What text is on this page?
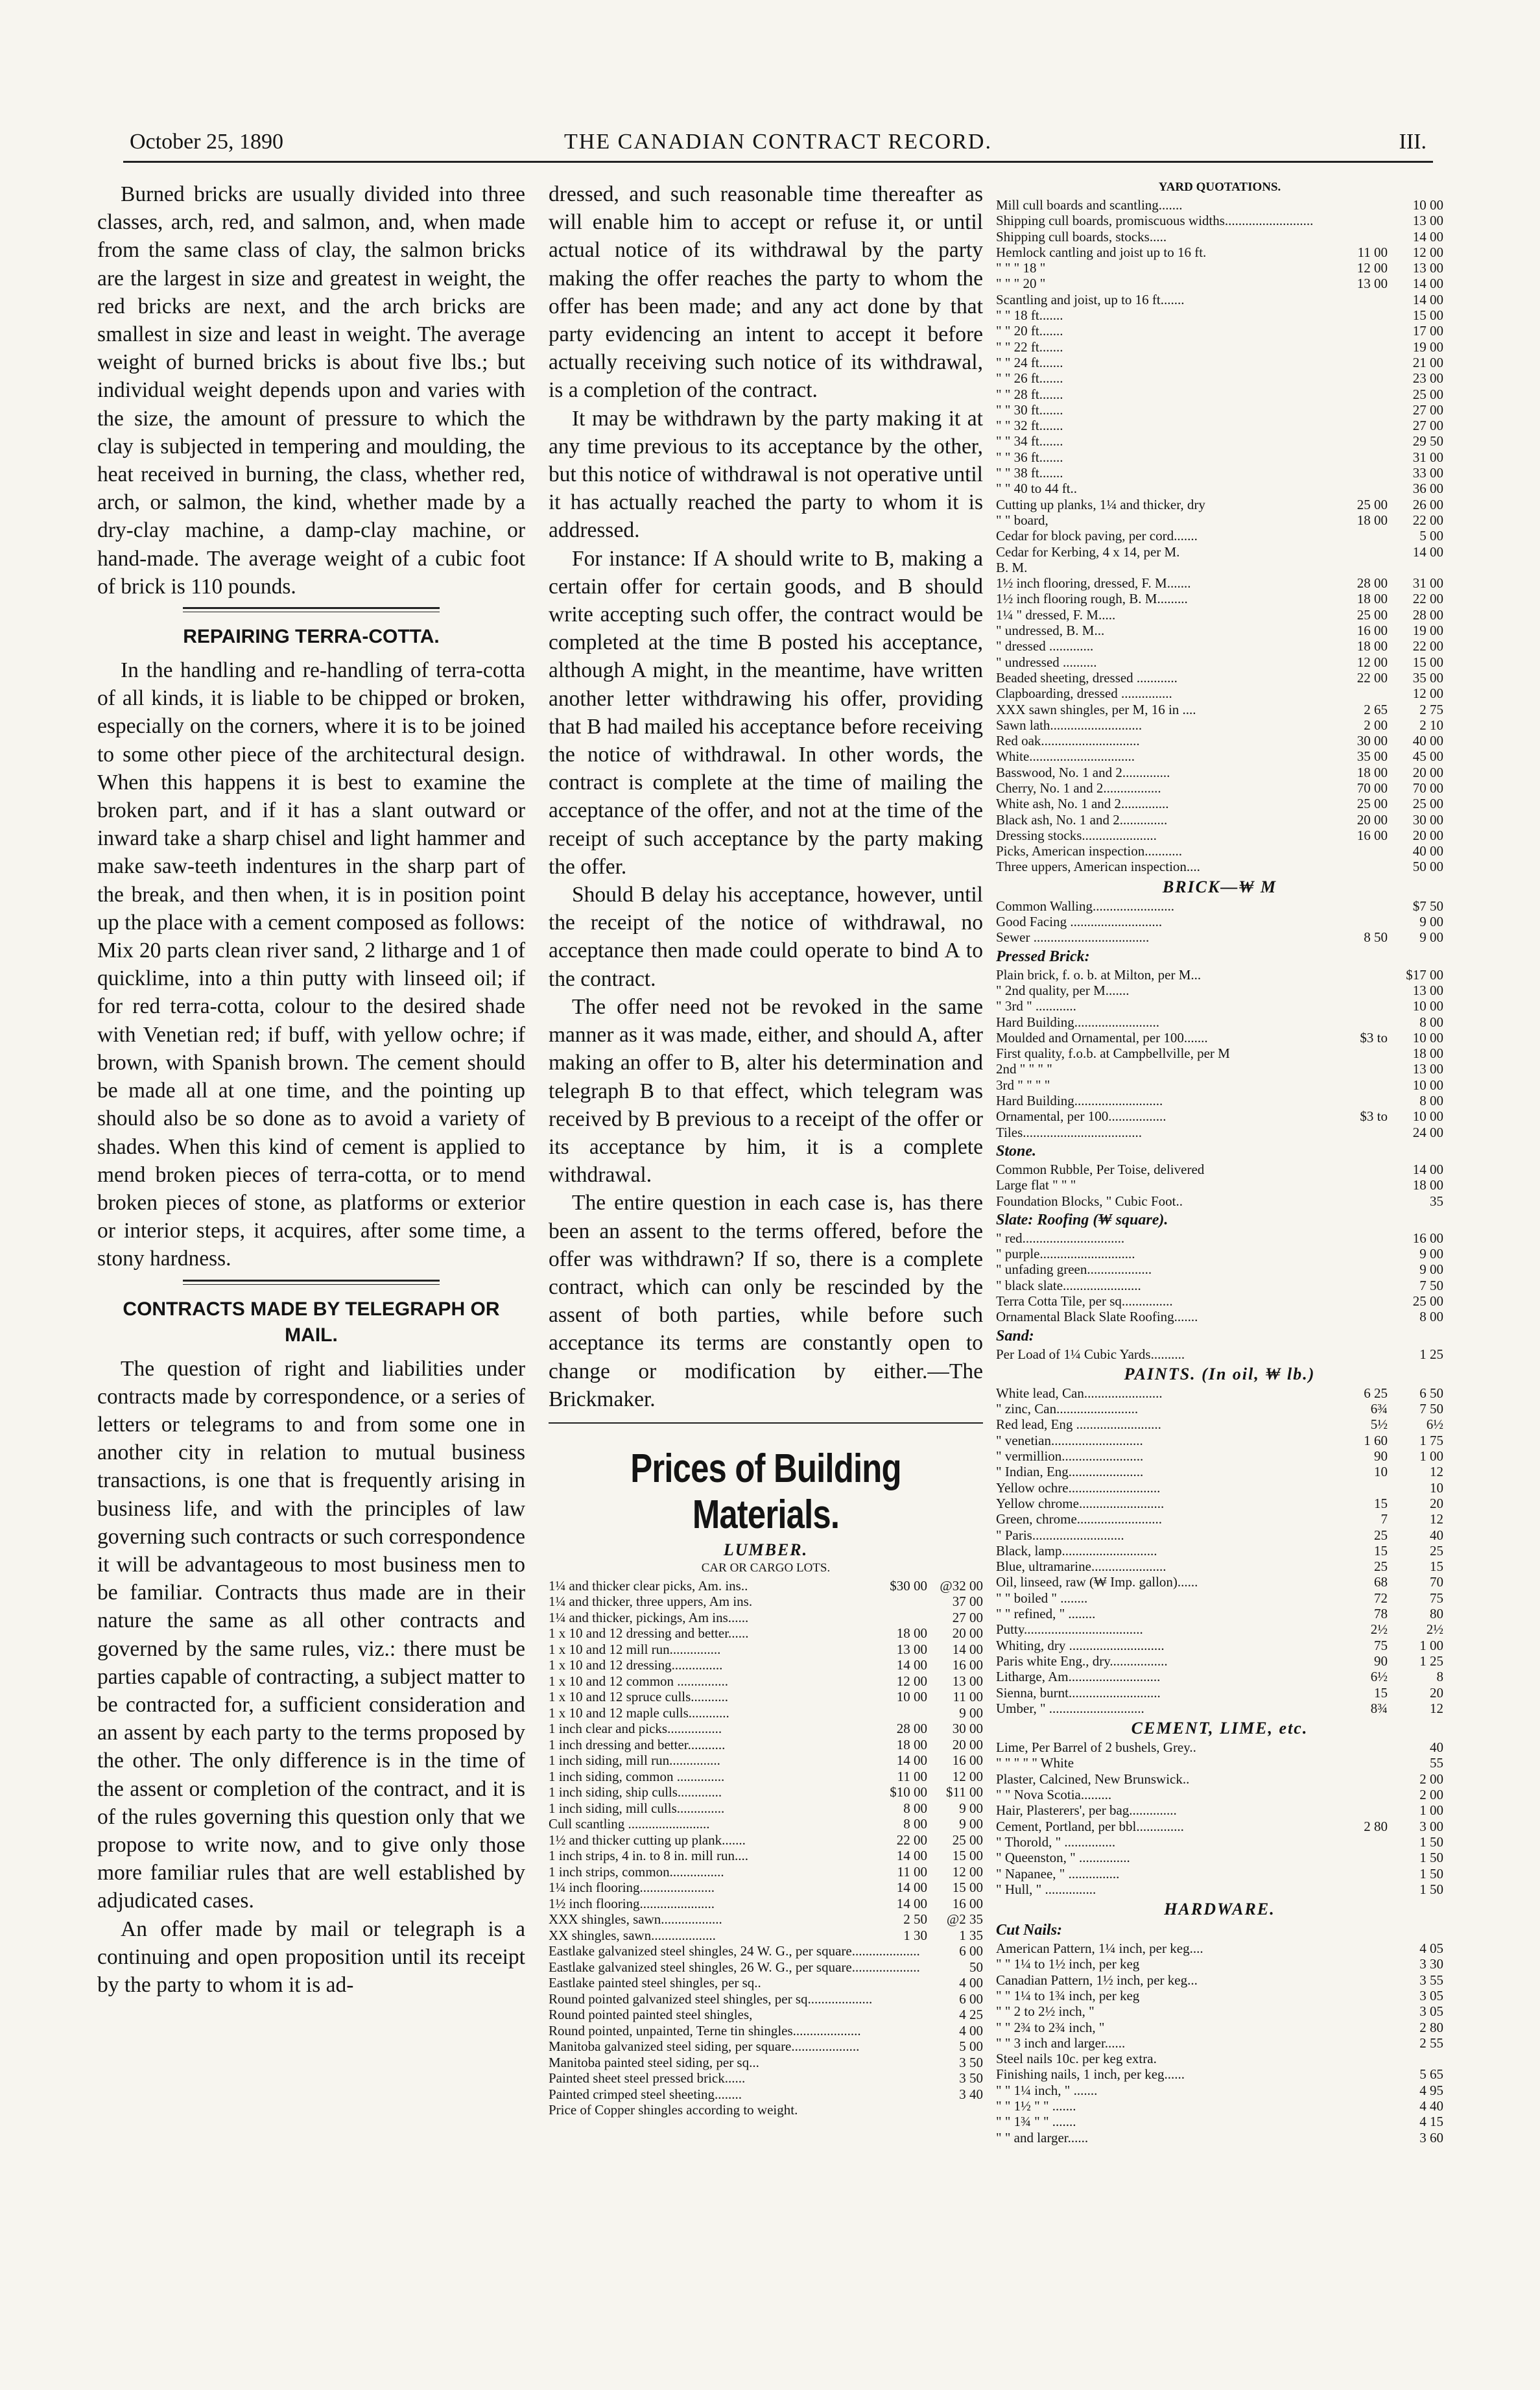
October 25, 1890	THE CANADIAN CONTRACT RECORD.	III.

Burned bricks are usually divided into three classes, arch, red, and salmon, and, when made from the same class of clay, the salmon bricks are the largest in size and greatest in weight, the red bricks are next, and the arch bricks are smallest in size and least in weight. The average weight of burned bricks is about five lbs.; but individual weight depends upon and varies with the size, the amount of pressure to which the clay is subjected in tempering and moulding, the heat received in burning, the class, whether red, arch, or salmon, the kind, whether made by a dry-clay machine, a damp-clay machine, or hand-made. The average weight of a cubic foot of brick is 110 pounds.

REPAIRING TERRA-COTTA.

In the handling and re-handling of terra-cotta of all kinds, it is liable to be chipped or broken, especially on the corners, where it is to be joined to some other piece of the architectural design. When this happens it is best to examine the broken part, and if it has a slant outward or inward take a sharp chisel and light hammer and make saw-teeth indentures in the sharp part of the break, and then when, it is in position point up the place with a cement composed as follows: Mix 20 parts clean river sand, 2 litharge and 1 of quicklime, into a thin putty with linseed oil; if for red terra-cotta, colour to the desired shade with Venetian red; if buff, with yellow ochre; if brown, with Spanish brown. The cement should be made all at one time, and the pointing up should also be so done as to avoid a variety of shades. When this kind of cement is applied to mend broken pieces of terra-cotta, or to mend broken pieces of stone, as platforms or exterior or interior steps, it acquires, after some time, a stony hardness.

CONTRACTS MADE BY TELEGRAPH OR MAIL.

The question of right and liabilities under contracts made by correspondence, or a series of letters or telegrams to and from some one in another city in relation to mutual business transactions, is one that is frequently arising in business life, and with the principles of law governing such contracts or such correspondence it will be advantageous to most business men to be familiar. Contracts thus made are in their nature the same as all other contracts and governed by the same rules, viz.: there must be parties capable of contracting, a subject matter to be contracted for, a sufficient consideration and an assent by each party to the terms proposed by the other. The only difference is in the time of the assent or completion of the contract, and it is of the rules governing this question only that we propose to write now, and to give only those more familiar rules that are well established by adjudicated cases.

An offer made by mail or telegraph is a continuing and open proposition until its receipt by the party to whom it is ad-

dressed, and such reasonable time thereafter as will enable him to accept or refuse it, or until actual notice of its withdrawal by the party making the offer reaches the party to whom the offer has been made; and any act done by that party evidencing an intent to accept it before actually receiving such notice of its withdrawal, is a completion of the contract.

It may be withdrawn by the party making it at any time previous to its acceptance by the other, but this notice of withdrawal is not operative until it has actually reached the party to whom it is addressed.

For instance: If A should write to B, making a certain offer for certain goods, and B should write accepting such offer, the contract would be completed at the time B posted his acceptance, although A might, in the meantime, have written another letter withdrawing his offer, providing that B had mailed his acceptance before receiving the notice of withdrawal. In other words, the contract is complete at the time of mailing the acceptance of the offer, and not at the time of the receipt of such acceptance by the party making the offer.

Should B delay his acceptance, however, until the receipt of the notice of withdrawal, no acceptance then made could operate to bind A to the contract.

The offer need not be revoked in the same manner as it was made, either, and should A, after making an offer to B, alter his determination and telegraph B to that effect, which telegram was received by B previous to a receipt of the offer or its acceptance by him, it is a complete withdrawal.

The entire question in each case is, has there been an assent to the terms offered, before the offer was withdrawn? If so, there is a complete contract, which can only be rescinded by the assent of both parties, while before such acceptance its terms are constantly open to change or modification by either.—The Brickmaker.

Prices of Building Materials.
LUMBER.
CAR OR CARGO LOTS.
1¼ and thicker clear picks, Am. ins..	$30 00 @32 00
1¼ and thicker, three uppers, Am ins.	37 00
1¼ and thicker, pickings, Am ins......	27 00
1 x 10 and 12 dressing and better......	18 00	20 00
1 x 10 and 12 mill run...............	13 00	14 00
1 x 10 and 12 dressing...............	14 00	16 00
1 x 10 and 12 common ...............	12 00	13 00
1 x 10 and 12 spruce culls...........	10 00	11 00
1 x 10 and 12 maple culls............	9 00
1 inch clear and picks................	28 00	30 00
1 inch dressing and better...........	18 00	20 00
1 inch siding, mill run...............	14 00	16 00
1 inch siding, common ..............	11 00	12 00
1 inch siding, ship culls.............	$10 00	$11 00
1 inch siding, mill culls..............	8 00	9 00
Cull scantling ........................	8 00	9 00
1½ and thicker cutting up plank.......	22 00	25 00
1 inch strips, 4 in. to 8 in. mill run....	14 00	15 00
1 inch strips, common................	11 00	12 00
1¼ inch flooring......................	14 00	15 00
1½ inch flooring......................	14 00	16 00
XXX shingles, sawn..................	2 50	@2 35
XX shingles, sawn...................	1 30	1 35
Eastlake galvanized steel shingles, 24 W. G., per square....................	6 00
Eastlake galvanized steel shingles, 26 W. G., per square....................	50
Eastlake painted steel shingles, per sq..	4 00
Round pointed galvanized steel shingles, per sq...................	6 00
Round pointed painted steel shingles,	4 25
Round pointed, unpainted, Terne tin shingles....................	4 00
Manitoba galvanized steel siding, per square....................	5 00
Manitoba painted steel siding, per sq...	3 50
Painted sheet steel pressed brick......	3 50
Painted crimped steel sheeting........	3 40
Price of Copper shingles according to weight.
YARD QUOTATIONS.
Mill cull boards and scantling.......	10 00
Shipping cull boards, promiscuous widths..........................	13 00
Shipping cull boards, stocks.....	14 00
Hemlock cantling and joist up to 16 ft.	11 00	12 00
" " " 18 "	12 00	13 00
" " " 20 "	13 00	14 00
Scantling and joist, up to 16 ft.......	14 00
" " 18 ft.......	15 00
" " 20 ft.......	17 00
" " 22 ft.......	19 00
" " 24 ft.......	21 00
" " 26 ft.......	23 00
" " 28 ft.......	25 00
" " 30 ft.......	27 00
" " 32 ft.......	27 00
" " 34 ft.......	29 50
" " 36 ft.......	31 00
" " 38 ft.......	33 00
" " 40 to 44 ft..	36 00
Cutting up planks, 1¼ and thicker, dry	25 00	26 00
" " board,	18 00	22 00
Cedar for block paving, per cord.......	5 00
Cedar for Kerbing, 4 x 14, per M.	14 00
B. M.
1½ inch flooring, dressed, F. M.......	28 00	31 00
1½ inch flooring rough, B. M.........	18 00	22 00
1¼ " dressed, F. M.....	25 00	28 00
" undressed, B. M...	16 00	19 00
" dressed .............	18 00	22 00
" undressed ..........	12 00	15 00
Beaded sheeting, dressed ............	22 00	35 00
Clapboarding, dressed ...............	12 00
XXX sawn shingles, per M, 16 in ....	2 65	2 75
Sawn lath...........................	2 00	2 10
Red oak.............................	30 00	40 00
White...............................	35 00	45 00
Basswood, No. 1 and 2..............	18 00	20 00
Cherry, No. 1 and 2.................	70 00	70 00
White ash, No. 1 and 2..............	25 00	25 00
Black ash, No. 1 and 2..............	20 00	30 00
Dressing stocks......................	16 00	20 00
Picks, American inspection...........	40 00
Three uppers, American inspection....	50 00
BRICK—₩ M
Common Walling........................	$7 50
Good Facing ...........................	9 00
Sewer ..................................	8 50	9 00
Pressed Brick:
Plain brick, f. o. b. at Milton, per M...	$17 00
" 2nd quality, per M.......	13 00
" 3rd " ............	10 00
Hard Building.........................	8 00
Moulded and Ornamental, per 100.......	$3 to	10 00
First quality, f.o.b. at Campbellville, per M	18 00
2nd " " " "	13 00
3rd " " " "	10 00
Hard Building..........................	8 00
Ornamental, per 100.................	$3 to	10 00
Tiles...................................	24 00
Stone.
Common Rubble, Per Toise, delivered	14 00
Large flat " " "	18 00
Foundation Blocks, " Cubic Foot..	35
Slate: Roofing (₩ square).
" red..............................	16 00
" purple............................	9 00
" unfading green...................	9 00
" black slate.......................	7 50
Terra Cotta Tile, per sq...............	25 00
Ornamental Black Slate Roofing.......	8 00
Sand:
Per Load of 1¼ Cubic Yards..........	1 25
PAINTS. (In oil, ₩ lb.)
White lead, Can.......................	6 25	6 50
" zinc, Can........................	6¾	7 50
Red lead, Eng .........................	5½	6½
" venetian...........................	1 60	1 75
" vermillion........................	90	1 00
" Indian, Eng......................	10	12
Yellow ochre...........................	10
Yellow chrome.........................	15	20
Green, chrome.........................	7	12
" Paris...........................	25	40
Black, lamp............................	15	25
Blue, ultramarine......................	25	15
Oil, linseed, raw (₩ Imp. gallon)......	68	70
" " boiled " ........	72	75
" " refined, " ........	78	80
Putty...................................	2½	2½
Whiting, dry ............................	75	1 00
Paris white Eng., dry.................	90	1 25
Litharge, Am...........................	6½	8
Sienna, burnt...........................	15	20
Umber, " ............................	8¾	12
CEMENT, LIME, etc.
Lime, Per Barrel of 2 bushels, Grey..	40
" " " " " White	55
Plaster, Calcined, New Brunswick..	2 00
" " Nova Scotia.........	2 00
Hair, Plasterers', per bag..............	1 00
Cement, Portland, per bbl..............	2 80	3 00
" Thorold, " ...............	1 50
" Queenston, " ...............	1 50
" Napanee, " ...............	1 50
" Hull, " ...............	1 50
HARDWARE.
Cut Nails:
American Pattern, 1¼ inch, per keg....	4 05
" " 1¼ to 1½ inch, per keg	3 30
Canadian Pattern, 1½ inch, per keg...	3 55
" " 1¼ to 1¾ inch, per keg	3 05
" " 2 to 2½ inch, "	3 05
" " 2¾ to 2¾ inch, "	2 80
" " 3 inch and larger......	2 55
Steel nails 10c. per keg extra.
Finishing nails, 1 inch, per keg......	5 65
" " 1¼ inch, " .......	4 95
" " 1½ " " .......	4 40
" " 1¾ " " .......	4 15
" " and larger......	3 60
